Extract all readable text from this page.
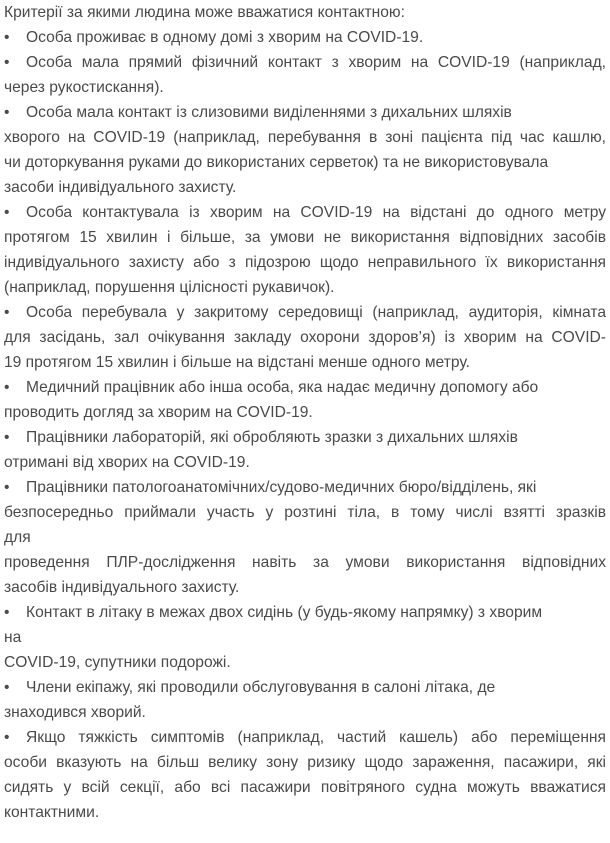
Критерії за якими людина може вважатися контактною:
• Особа проживає в одному домі з хворим на COVID-19.
• Особа мала прямий фізичний контакт з хворим на COVID-19 (наприклад,
через рукостискання).
• Особа мала контакт із слизовими виділеннями з дихальних шляхів
хворого на COVID-19 (наприклад, перебування в зоні пацієнта під час кашлю,
чи доторкування руками до використаних серветок) та не використовувала
засоби індивідуального захисту.
• Особа контактувала із хворим на COVID-19 на відстані до одного метру
протягом 15 хвилин і більше, за умови не використання відповідних засобів
індивідуального захисту або з підозрою щодо неправильного їх використання
(наприклад, порушення цілісності рукавичок).
• Особа перебувала у закритому середовищі (наприклад, аудиторія, кімната
для засідань, зал очікування закладу охорони здоров’я) із хворим на COVID-
19 протягом 15 хвилин і більше на відстані менше одного метру.
• Медичний працівник або інша особа, яка надає медичну допомогу або
проводить догляд за хворим на COVID-19.
• Працівники лабораторій, які обробляють зразки з дихальних шляхів
отримані від хворих на COVID-19.
• Працівники патологоанатомічних/судово-медичних бюро/відділень, які
безпосередньо приймали участь у розтині тіла, в тому числі взятті зразків
для
проведення ПЛР-дослідження навіть за умови використання відповідних
засобів індивідуального захисту.
• Контакт в літаку в межах двох сидінь (у будь-якому напрямку) з хворим
на
COVID-19, супутники подорожі.
• Члени екіпажу, які проводили обслуговування в салоні літака, де
знаходився хворий.
• Якщо тяжкість симптомів (наприклад, частий кашель) або переміщення
особи вказують на більш велику зону ризику щодо зараження, пасажири, які
сидять у всій секції, або всі пасажири повітряного судна можуть вважатися
контактними.
